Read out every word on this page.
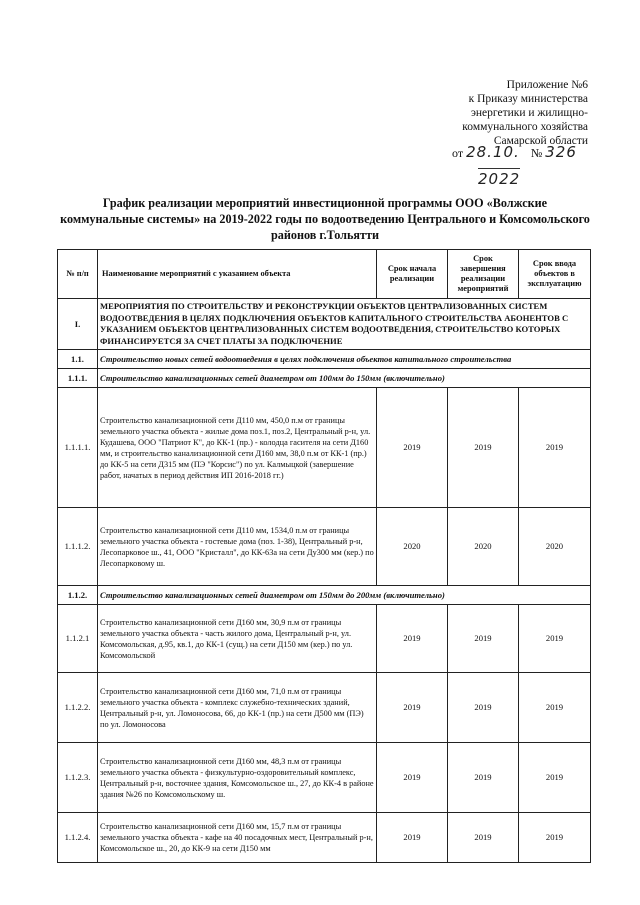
Приложение №6
к Приказу министерства
энергетики и жилищно-
коммунального хозяйства
Самарской области
от 28.10. № 326
2022
График реализации мероприятий инвестиционной программы ООО «Волжские коммунальные системы» на 2019-2022 годы по водоотведению Центрального и Комсомольского районов г.Тольятти
№ п/п	Наименование мероприятий с указанием объекта	Срок начала реализации	Срок завершения реализации мероприятий	Срок ввода объектов в эксплуатацию
I.	МЕРОПРИЯТИЯ ПО СТРОИТЕЛЬСТВУ И РЕКОНСТРУКЦИИ ОБЪЕКТОВ ЦЕНТРАЛИЗОВАННЫХ СИСТЕМ ВОДООТВЕДЕНИЯ В ЦЕЛЯХ ПОДКЛЮЧЕНИЯ ОБЪЕКТОВ КАПИТАЛЬНОГО СТРОИТЕЛЬСТВА АБОНЕНТОВ С УКАЗАНИЕМ ОБЪЕКТОВ ЦЕНТРАЛИЗОВАННЫХ СИСТЕМ ВОДООТВЕДЕНИЯ, СТРОИТЕЛЬСТВО КОТОРЫХ ФИНАНСИРУЕТСЯ ЗА СЧЕТ ПЛАТЫ ЗА ПОДКЛЮЧЕНИЕ			
1.1.	Строительство новых сетей водоотведения в целях подключения объектов капитального строительства			
1.1.1.	Строительство канализационных сетей диаметром от 100мм до 150мм (включительно)			
1.1.1.1.	Строительство канализационной сети Д110 мм, 450,0 п.м от границы земельного участка объекта - жилые дома поз.1, поз.2, Центральный р-н, ул. Кудашева, ООО "Патриот К", до КК-1 (пр.) - колодца гасителя на сети Д160 мм, и строительство канализационной сети Д160 мм, 38,0 п.м от КК-1 (пр.) до КК-5 на сети Д315 мм (ПЭ "Корсис") по ул. Калмыцкой (завершение работ, начатых в период действия ИП 2016-2018 гг.)	2019	2019	2019
1.1.1.2.	Строительство канализационной сети Д110 мм, 1534,0 п.м от границы земельного участка объекта - гостевые дома (поз. 1-38), Центральный р-н, Лесопарковое ш., 41, ООО "Кристалл", до КК-63а на сети Ду300 мм (кер.) по Лесопарковому ш.	2020	2020	2020
1.1.2.	Строительство канализационных сетей диаметром от 150мм до 200мм (включительно)			
1.1.2.1	Строительство канализационной сети Д160 мм, 30,9 п.м от границы земельного участка объекта - часть жилого дома, Центральный р-н, ул. Комсомольская, д.95, кв.1, до КК-1 (сущ.) на сети Д150 мм (кер.) по ул. Комсомольской	2019	2019	2019
1.1.2.2.	Строительство канализационной сети Д160 мм, 71,0 п.м от границы земельного участка объекта - комплекс служебно-технических зданий, Центральный р-н, ул. Ломоносова, 66, до КК-1 (пр.) на сети Д500 мм (ПЭ) по ул. Ломоносова	2019	2019	2019
1.1.2.3.	Строительство канализационной сети Д160 мм, 48,3 п.м от границы земельного участка объекта - физкультурно-оздоровительный комплекс, Центральный р-н, восточнее здания, Комсомольское ш., 27, до КК-4 в районе здания №26 по Комсомольскому ш.	2019	2019	2019
1.1.2.4.	Строительство канализационной сети Д160 мм, 15,7 п.м от границы земельного участка объекта - кафе на 40 посадочных мест, Центральный р-н, Комсомольское ш., 20, до КК-9 на сети Д150 мм	2019	2019	2019
